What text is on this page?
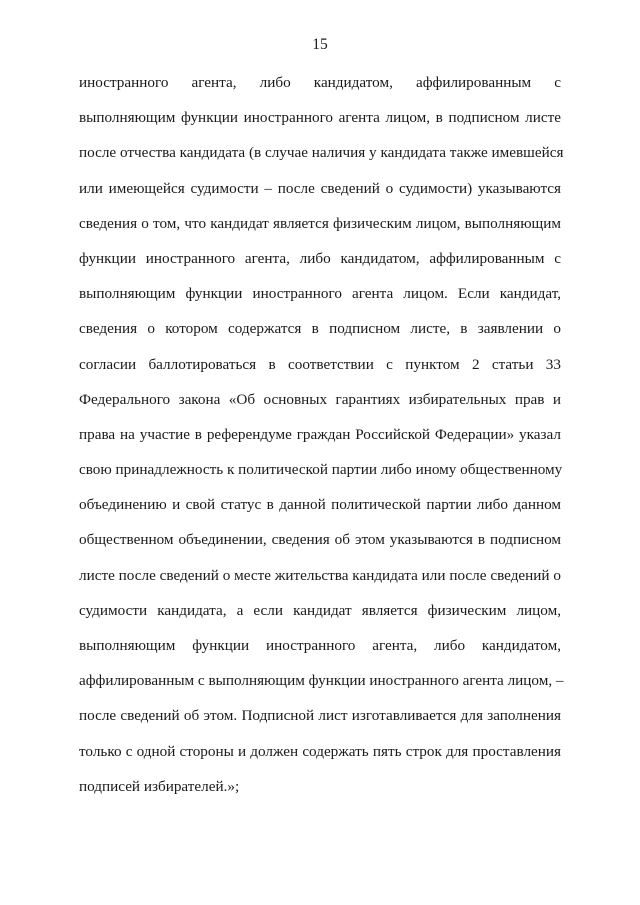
15
иностранного агента, либо кандидатом, аффилированным с
выполняющим функции иностранного агента лицом, в подписном листе
после отчества кандидата (в случае наличия у кандидата также имевшейся
или имеющейся судимости – после сведений о судимости) указываются
сведения о том, что кандидат является физическим лицом, выполняющим
функции иностранного агента, либо кандидатом, аффилированным с
выполняющим функции иностранного агента лицом. Если кандидат,
сведения о котором содержатся в подписном листе, в заявлении о
согласии баллотироваться в соответствии с пунктом 2 статьи 33
Федерального закона «Об основных гарантиях избирательных прав и
права на участие в референдуме граждан Российской Федерации» указал
свою принадлежность к политической партии либо иному общественному
объединению и свой статус в данной политической партии либо данном
общественном объединении, сведения об этом указываются в подписном
листе после сведений о месте жительства кандидата или после сведений о
судимости кандидата, а если кандидат является физическим лицом,
выполняющим функции иностранного агента, либо кандидатом,
аффилированным с выполняющим функции иностранного агента лицом, –
после сведений об этом. Подписной лист изготавливается для заполнения
только с одной стороны и должен содержать пять строк для проставления
подписей избирателей.»;
